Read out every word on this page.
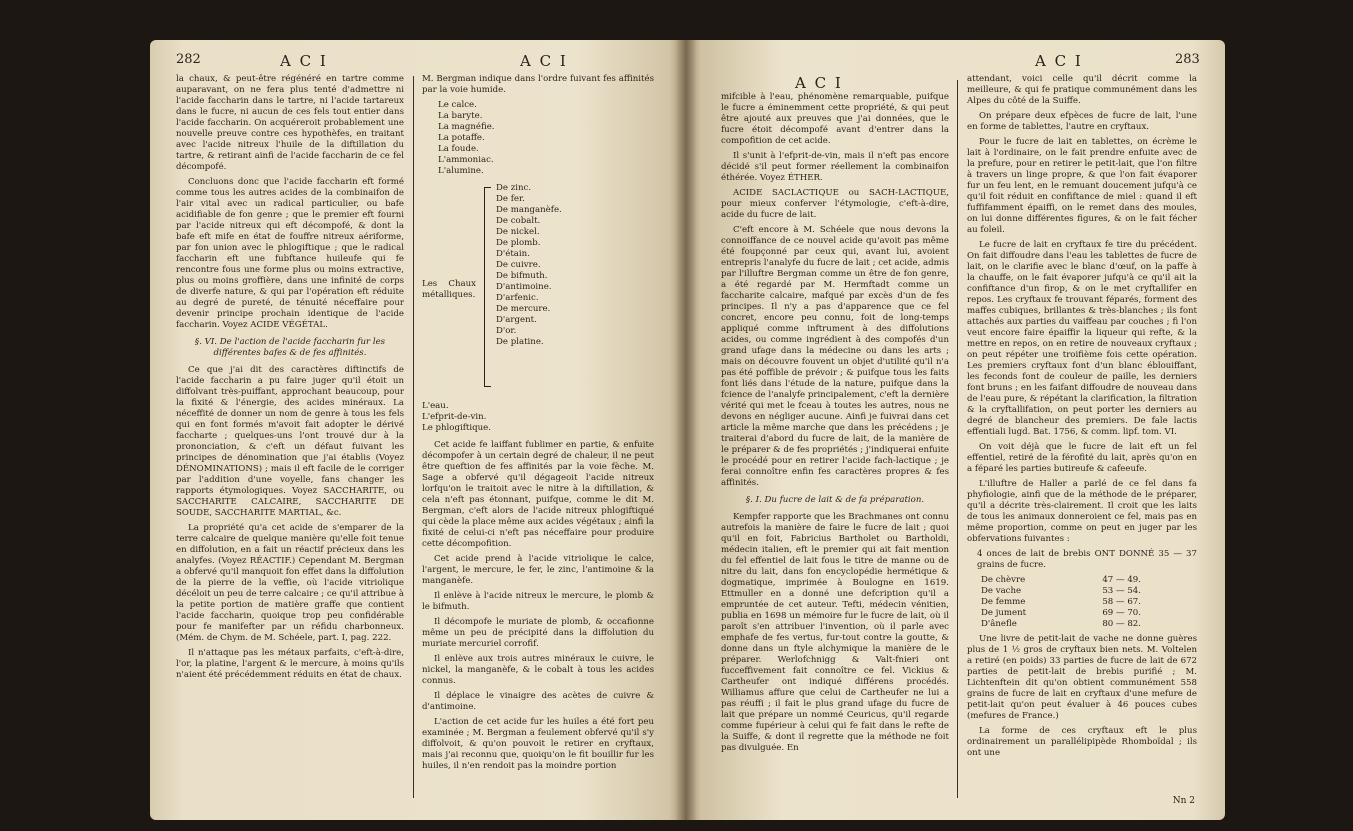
282	A C I	A C I

la chaux, & peut-être régénéré en tartre comme auparavant, on ne fera plus tenté d'admettre ni l'acide faccharin dans le tartre, ni l'acide tartareux dans le fucre, ni aucun de ces fels tout entier dans l'acide faccharin. On acquéreroit probablement une nouvelle preuve contre ces hypothèfes, en traitant avec l'acide nitreux l'huile de la diftillation du tartre, & retirant ainfi de l'acide faccharin de ce fel décompofé.

Concluons donc que l'acide faccharin eft formé comme tous les autres acides de la combinaifon de l'air vital avec un radical particulier, ou bafe acidifiable de fon genre ; que le premier eft fourni par l'acide nitreux qui eft décompofé, & dont la bafe eft mife en état de fouffre nitreux aériforme, par fon union avec le phlogiftique ; que le radical faccharin eft une fubftance huileufe qui fe rencontre fous une forme plus ou moins extractive, plus ou moins groffière, dans une infinité de corps de diverfe nature, & qui par l'opération eft réduite au degré de pureté, de ténuité néceffaire pour devenir principe prochain identique de l'acide faccharin. Voyez ACIDE VÉGÉTAL.

§. VI. De l'action de l'acide faccharin fur les différentes bafes & de fes affinités.

Ce que j'ai dit des caractères diftinctifs de l'acide faccharin a pu faire juger qu'il étoit un diffolvant très-puiffant, approchant beaucoup, pour la fixité & l'énergie, des acides minéraux. La néceffité de donner un nom de genre à tous les fels qui en font formés m'avoit fait adopter le dérivé faccharte ; quelques-uns l'ont trouvé dur à la prononciation, & c'eft un défaut fuivant les principes de dénomination que j'ai établis (Voyez DÉNOMINATIONS) ; mais il eft facile de le corriger par l'addition d'une voyelle, fans changer les rapports étymologiques. Voyez SACCHARITE, ou SACCHARITE CALCAIRE, SACCHARITE DE SOUDE, SACCHARITE MARTIAL, &c.

La propriété qu'a cet acide de s'emparer de la terre calcaire de quelque manière qu'elle foit tenue en diffolution, en a fait un réactif précieux dans les analyfes. (Voyez RÉACTIF.) Cependant M. Bergman a obfervé qu'il manquoit fon effet dans la diffolution de la pierre de la veffie, où l'acide vitriolique décéloit un peu de terre calcaire ; ce qu'il attribue à la petite portion de matière graffe que contient l'acide faccharin, quoique trop peu confidérable pour fe manifefter par un réfidu charbonneux. (Mém. de Chym. de M. Schéele, part. I, pag. 222.

Il n'attaque pas les métaux parfaits, c'eft-à-dire, l'or, la platine, l'argent & le mercure, à moins qu'ils n'aient été précédemment réduits en état de chaux.

M. Bergman indique dans l'ordre fuivant fes affinités par la voie humide.

Le calce.
La baryte.
La magnéfie.
La potaffe.
La foude.
L'ammoniac.
L'alumine.
Les Chaux métalliques.
De zinc.
De fer.
De manganèfe.
De cobalt.
De nickel.
De plomb.
D'étain.
De cuivre.
De bifmuth.
D'antimoine.
D'arfenic.
De mercure.
D'argent.
D'or.
De platine.
L'eau.
L'efprit-de-vin.
Le phlogiftique.

Cet acide fe laiffant fublimer en partie, & enfuite décompofer à un certain degré de chaleur, il ne peut être queftion de fes affinités par la voie fèche. M. Sage a obfervé qu'il dégageoit l'acide nitreux lorfqu'on le traitoit avec le nitre à la diftillation, & cela n'eft pas étonnant, puifque, comme le dit M. Bergman, c'eft alors de l'acide nitreux phlogiftiqué qui cède la place même aux acides végétaux ; ainfi la fixité de celui-ci n'eft pas néceffaire pour produire cette décompofition.

Cet acide prend à l'acide vitriolique le calce, l'argent, le mercure, le fer, le zinc, l'antimoine & la manganèfe.

Il enlève à l'acide nitreux le mercure, le plomb & le bifmuth.

Il décompofe le muriate de plomb, & occafionne même un peu de précipité dans la diffolution du muriate mercuriel corrofif.

Il enlève aux trois autres minéraux le cuivre, le nickel, la manganèfe, & le cobalt à tous les acides connus.

Il déplace le vinaigre des acètes de cuivre & d'antimoine.

L'action de cet acide fur les huiles a été fort peu examinée ; M. Bergman a feulement obfervé qu'il s'y diffolvoit, & qu'on pouvoit le retirer en cryftaux, mais j'ai reconnu que, quoiqu'on le fit bouillir fur les huiles, il n'en rendoit pas la moindre portion

A C I
A C I	283

mifcible à l'eau, phénomène remarquable, puifque le fucre a éminemment cette propriété, & qui peut être ajouté aux preuves que j'ai données, que le fucre étoit décompofé avant d'entrer dans la compofition de cet acide.

Il s'unit à l'efprit-de-vin, mais il n'eft pas encore décidé s'il peut former réellement la combinaifon éthérée. Voyez ÉTHER.

ACIDE SACLACTIQUE ou SACH-LACTIQUE, pour mieux conferver l'étymologie, c'eft-à-dire, acide du fucre de lait.

C'eft encore à M. Schéele que nous devons la connoiffance de ce nouvel acide qu'avoit pas même été foupçonné par ceux qui, avant lui, avoient entrepris l'analyfe du fucre de lait ; cet acide, admis par l'illuftre Bergman comme un être de fon genre, a été regardé par M. Hermftadt comme un faccharite calcaire, mafqué par excès d'un de fes principes. Il n'y a pas d'apparence que ce fel concret, encore peu connu, foit de long-temps appliqué comme inftrument à des diffolutions acides, ou comme ingrédient à des compofés d'un grand ufage dans la médecine ou dans les arts ; mais on découvre fouvent un objet d'utilité qu'il n'a pas été poffible de prévoir ; & puifque tous les faits font liés dans l'étude de la nature, puifque dans la fcience de l'analyfe principalement, c'eft la dernière vérité qui met le fceau à toutes les autres, nous ne devons en négliger aucune. Ainfi je fuivrai dans cet article la même marche que dans les précédens ; je traiterai d'abord du fucre de lait, de la manière de le préparer & de fes propriétés ; j'indiquerai enfuite le procédé pour en retirer l'acide fach-lactique ; je ferai connoître enfin fes caractères propres & fes affinités.

§. I. Du fucre de lait & de fa préparation.

Kempfer rapporte que les Brachmanes ont connu autrefois la manière de faire le fucre de lait ; quoi qu'il en foit, Fabricius Bartholet ou Bartholdi, médecin italien, eft le premier qui ait fait mention du fel effentiel de lait fous le titre de manne ou de nitre du lait, dans fon encyclopédie hermétique & dogmatique, imprimée à Boulogne en 1619. Ettmuller en a donné une defcription qu'il a empruntée de cet auteur. Tefti, médecin vénitien, publia en 1698 un mémoire fur le fucre de lait, où il paroît s'en attribuer l'invention, où il parle avec emphafe de fes vertus, fur-tout contre la goutte, & donne dans un ftyle alchymique la manière de le préparer. Werlofchnigg & Valt-fnieri ont fucceffivement fait connoître ce fel. Vickius & Cartheufer ont indiqué différens procédés. Williamus affure que celui de Cartheufer ne lui a pas réuffi ; il fait le plus grand ufage du fucre de lait que prépare un nommé Ceuricus, qu'il regarde comme fupérieur à celui qui fe fait dans le refte de la Suiffe, & dont il regrette que la méthode ne foit pas divulguée. En

attendant, voici celle qu'il décrit comme la meilleure, & qui fe pratique communément dans les Alpes du côté de la Suiffe.

On prépare deux efpèces de fucre de lait, l'une en forme de tablettes, l'autre en cryftaux.

Pour le fucre de lait en tablettes, on écrème le lait à l'ordinaire, on le fait prendre enfuite avec de la prefure, pour en retirer le petit-lait, que l'on filtre à travers un linge propre, & que l'on fait évaporer fur un feu lent, en le remuant doucement jufqu'à ce qu'il foit réduit en confiftance de miel : quand il eft fuffifamment épaiffi, on le remet dans des moules, on lui donne différentes figures, & on le fait fécher au foleil.

Le fucre de lait en cryftaux fe tire du précédent. On fait diffoudre dans l'eau les tablettes de fucre de lait, on le clarifie avec le blanc d'œuf, on la paffe à la chauffe, on le fait évaporer jufqu'à ce qu'il ait la confiftance d'un firop, & on le met cryftallifer en repos. Les cryftaux fe trouvant féparés, forment des maffes cubiques, brillantes & très-blanches ; ils font attachés aux parties du vaiffeau par couches ; fi l'on veut encore faire épaiffir la liqueur qui refte, & la mettre en repos, on en retire de nouveaux cryftaux ; on peut répéter une troifième fois cette opération. Les premiers cryftaux font d'un blanc éblouiffant, les feconds font de couleur de paille, les derniers font bruns ; en les faifant diffoudre de nouveau dans de l'eau pure, & répétant la clarification, la filtration & la cryftallifation, on peut porter les derniers au degré de blancheur des premiers. De fale lactis effentiali lugd. Bat. 1756, & comm. lipf. tom. VI.

On voit déjà que le fucre de lait eft un fel effentiel, retiré de la férofité du lait, après qu'on en a féparé les parties butireufe & cafeeufe.

L'illuftre de Haller a parlé de ce fel dans fa phyfiologie, ainfi que de la méthode de le préparer, qu'il a décrite très-clairement. Il croit que les laits de tous les animaux donneroient ce fel, mais pas en même proportion, comme on peut en juger par les obfervations fuivantes :

4 onces de lait de brebis ONT DONNÉ 35 — 37 grains de fucre.

De chèvre	47 — 49.
De vache	53 — 54.
De femme	58 — 67.
De jument	69 — 70.
D'ânefle	80 — 82.

Une livre de petit-lait de vache ne donne guères plus de 1 ½ gros de cryftaux bien nets. M. Voltelen a retiré (en poids) 33 parties de fucre de lait de 672 parties de petit-lait de brebis purifié ; M. Lichtenftein dit qu'on obtient communément 558 grains de fucre de lait en cryftaux d'une mefure de petit-lait qu'on peut évaluer à 46 pouces cubes (mefures de France.)

La forme de ces cryftaux eft le plus ordinairement un parallélipipède Rhomboïdal ; ils ont une

Nn 2
